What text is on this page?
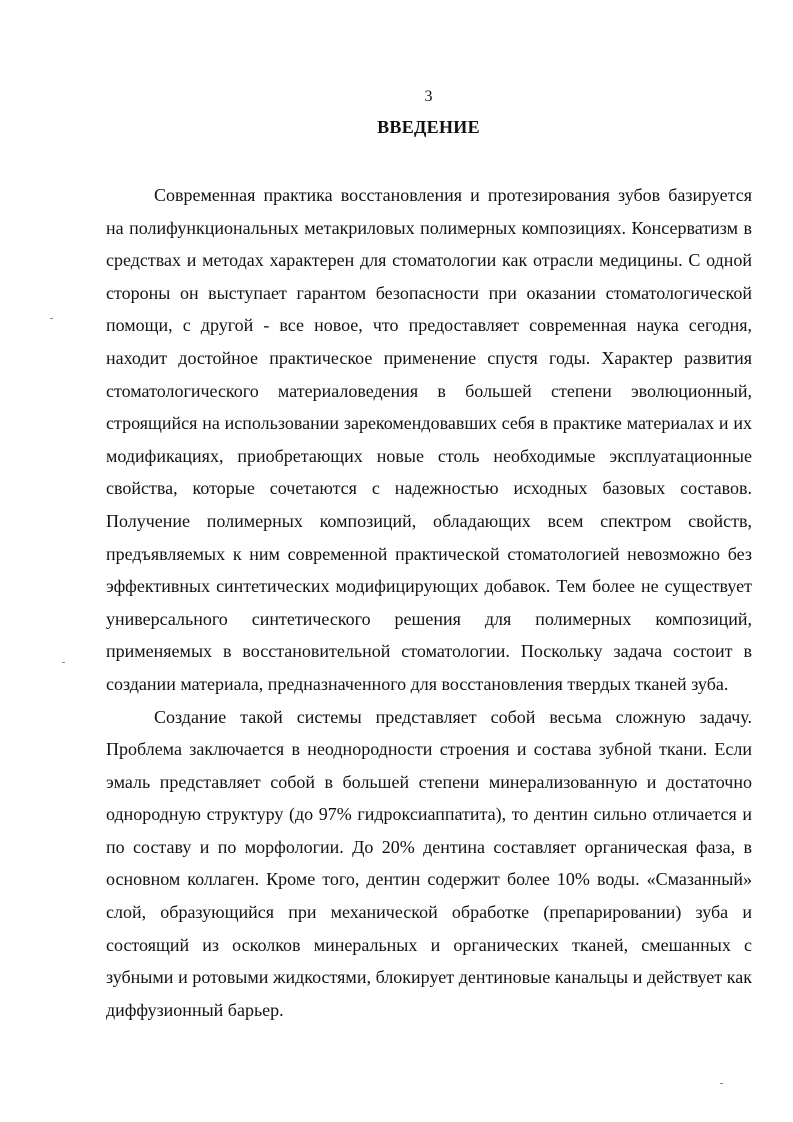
3
ВВЕДЕНИЕ

Современная практика восстановления и протезирования зубов базируется на полифункциональных метакриловых полимерных композициях. Консерватизм в средствах и методах характерен для стоматологии как отрасли медицины. С одной стороны он выступает гарантом безопасности при оказании стоматологической помощи, с другой - все новое, что предоставляет современная наука сегодня, находит достойное практическое применение спустя годы. Характер развития стоматологического материаловедения в большей степени эволюционный, строящийся на использовании зарекомендовавших себя в практике материалах и их модификациях, приобретающих новые столь необходимые эксплуатационные свойства, которые сочетаются с надежностью исходных базовых составов. Получение полимерных композиций, обладающих всем спектром свойств, предъявляемых к ним современной практической стоматологией невозможно без эффективных синтетических модифицирующих добавок. Тем более не существует универсального синтетического решения для полимерных композиций, применяемых в восстановительной стоматологии. Поскольку задача состоит в создании материала, предназначенного для восстановления твердых тканей зуба.

Создание такой системы представляет собой весьма сложную задачу. Проблема заключается в неоднородности строения и состава зубной ткани. Если эмаль представляет собой в большей степени минерализованную и достаточно однородную структуру (до 97% гидроксиаппатита), то дентин сильно отличается и по составу и по морфологии. До 20% дентина составляет органическая фаза, в основном коллаген. Кроме того, дентин содержит более 10% воды. «Смазанный» слой, образующийся при механической обработке (препарировании) зуба и состоящий из осколков минеральных и органических тканей, смешанных с зубными и ротовыми жидкостями, блокирует дентиновые канальцы и действует как диффузионный барьер.
